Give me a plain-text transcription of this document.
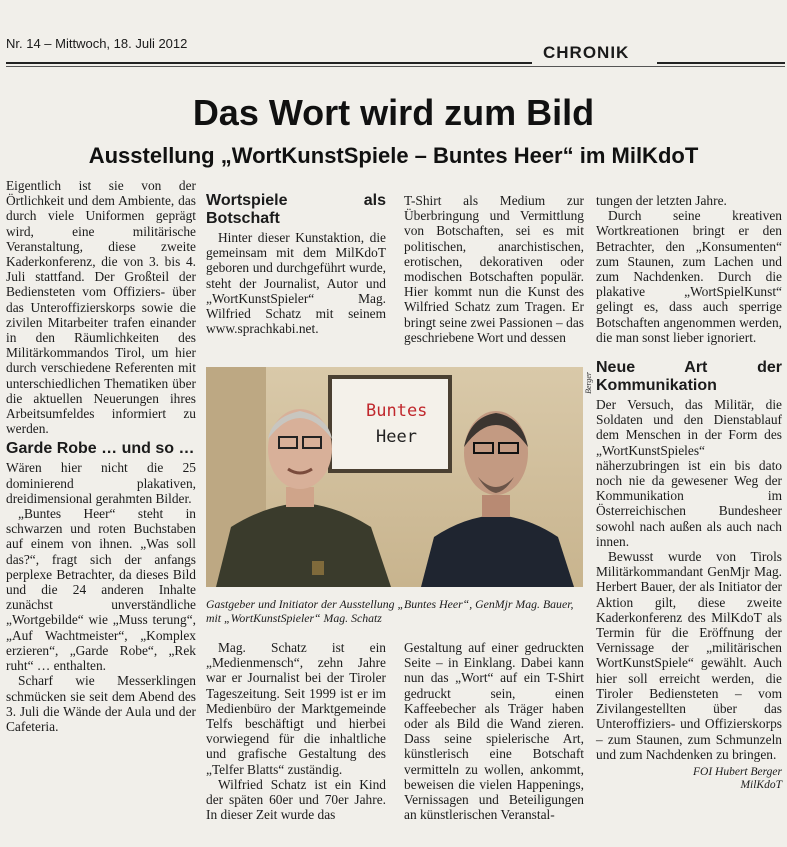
Nr. 14 – Mittwoch, 18. Juli 2012	CHRONIK
Das Wort wird zum Bild
Ausstellung „WortKunstSpiele – Buntes Heer“ im MilKdoT

Eigentlich ist sie von der Örtlichkeit und dem Ambiente, das durch viele Uniformen geprägt wird, eine militärische Veranstaltung, diese zweite Kaderkonferenz, die von 3. bis 4. Juli stattfand. Der Großteil der Bediensteten vom Offiziers- über das Unteroffizierskorps sowie die zivilen Mitarbeiter trafen einander in den Räumlichkeiten des Militärkommandos Tirol, um hier durch verschiedene Referenten mit unterschiedlichen Thematiken über die aktuellen Neuerungen ihres Arbeitsumfeldes informiert zu werden.

Garde Robe … und so …

Wären hier nicht die 25 dominierend plakativen, dreidimensional gerahmten Bilder.

„Buntes Heer“ steht in schwarzen und roten Buchstaben auf einem von ihnen. „Was soll das?“, fragt sich der anfangs perplexe Betrachter, da dieses Bild und die 24 anderen Inhalte zunächst unverständliche „Wortgebilde“ wie „Muss terung“, „Auf Wachtmeister“, „Komplex erzieren“, „Garde Robe“, „Rek ruht“ … enthalten.

Scharf wie Messerklingen schmücken sie seit dem Abend des 3. Juli die Wände der Aula und der Cafeteria.

Wortspiele als Botschaft

Hinter dieser Kunstaktion, die gemeinsam mit dem MilKdoT geboren und durchgeführt wurde, steht der Journalist, Autor und „WortKunstSpieler“ Mag. Wilfried Schatz mit seinem www.sprachkabi.net.

T-Shirt als Medium zur Überbringung und Vermittlung von Botschaften, sei es mit politischen, anarchistischen, erotischen, dekorativen oder modischen Botschaften populär. Hier kommt nun die Kunst des Wilfried Schatz zum Tragen. Er bringt seine zwei Passionen – das geschriebene Wort und dessen

Buntes
Heer
Berger
Gastgeber und Initiator der Ausstellung „Buntes Heer“, GenMjr Mag. Bauer, mit „WortKunstSpieler“ Mag. Schatz

Mag. Schatz ist ein „Medienmensch“, zehn Jahre war er Journalist bei der Tiroler Tageszeitung. Seit 1999 ist er im Medienbüro der Marktgemeinde Telfs beschäftigt und hierbei vorwiegend für die inhaltliche und grafische Gestaltung des „Telfer Blatts“ zuständig.

Wilfried Schatz ist ein Kind der späten 60er und 70er Jahre. In dieser Zeit wurde das

Gestaltung auf einer gedruckten Seite – in Einklang. Dabei kann nun das „Wort“ auf ein T-Shirt gedruckt sein, einen Kaffeebecher als Träger haben oder als Bild die Wand zieren. Dass seine spielerische Art, künstlerisch eine Botschaft vermitteln zu wollen, ankommt, beweisen die vielen Happenings, Vernissagen und Beteiligungen an künstlerischen Veranstal-

tungen der letzten Jahre.

Durch seine kreativen Wortkreationen bringt er den Betrachter, den „Konsumenten“ zum Staunen, zum Lachen und zum Nachdenken. Durch die plakative „WortSpielKunst“ gelingt es, dass auch sperrige Botschaften angenommen werden, die man sonst lieber ignoriert.

Neue Art der Kommunikation

Der Versuch, das Militär, die Soldaten und den Dienstablauf dem Menschen in der Form des „WortKunstSpieles“ näherzubringen ist ein bis dato noch nie da gewesener Weg der Kommunikation im Österreichischen Bundesheer sowohl nach außen als auch nach innen.

Bewusst wurde von Tirols Militärkommandant GenMjr Mag. Herbert Bauer, der als Initiator der Aktion gilt, diese zweite Kaderkonferenz des MilKdoT als Termin für die Eröffnung der Vernissage der „militärischen WortKunstSpiele“ gewählt. Auch hier soll erreicht werden, die Tiroler Bediensteten – vom Zivilangestellten über das Unteroffiziers- und Offizierskorps – zum Staunen, zum Schmunzeln und zum Nachdenken zu bringen.

FOI Hubert Berger
MilKdoT
